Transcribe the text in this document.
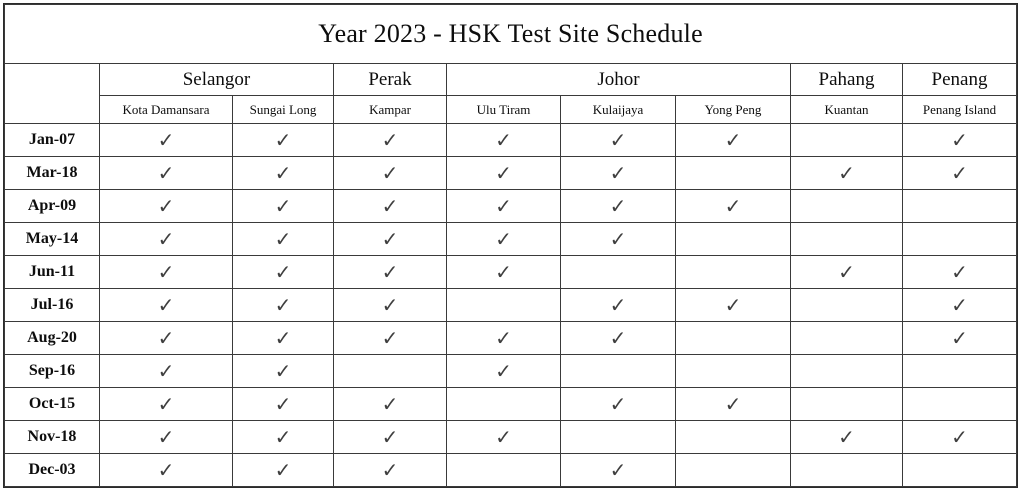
Year 2023 - HSK Test Site Schedule								
	Selangor		Perak	Johor			Pahang	Penang
	Kota Damansara	Sungai Long	Kampar	Ulu Tiram	Kulaijaya	Yong Peng	Kuantan	Penang Island
Jan-07	✓	✓	✓	✓	✓	✓		✓
Mar-18	✓	✓	✓	✓	✓		✓	✓
Apr-09	✓	✓	✓	✓	✓	✓		
May-14	✓	✓	✓	✓	✓			
Jun-11	✓	✓	✓	✓			✓	✓
Jul-16	✓	✓	✓		✓	✓		✓
Aug-20	✓	✓	✓	✓	✓			✓
Sep-16	✓	✓		✓				
Oct-15	✓	✓	✓		✓	✓		
Nov-18	✓	✓	✓	✓			✓	✓
Dec-03	✓	✓	✓		✓			
